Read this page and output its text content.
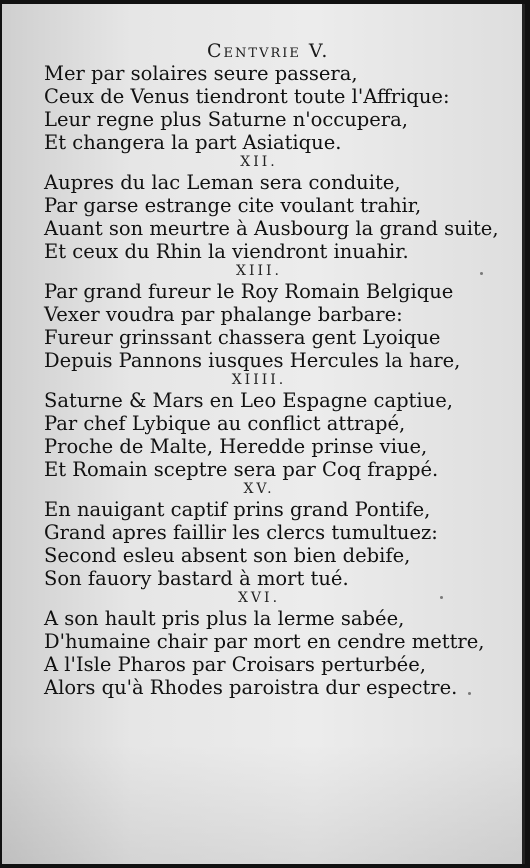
Centvrie V.
Mer par solaires seure passera,
Ceux de Venus tiendront toute l'Affrique:
Leur regne plus Saturne n'occupera,
Et changera la part Asiatique.
XII.
Aupres du lac Leman sera conduite,
Par garse estrange cite voulant trahir,
Auant son meurtre à Ausbourg la grand suite,
Et ceux du Rhin la viendront inuahir.
XIII.
Par grand fureur le Roy Romain Belgique
Vexer voudra par phalange barbare:
Fureur grinssant chassera gent Lyoique
Depuis Pannons iusques Hercules la hare,
XIIII.
Saturne & Mars en Leo Espagne captiue,
Par chef Lybique au conflict attrapé,
Proche de Malte, Heredde prinse viue,
Et Romain sceptre sera par Coq frappé.
XV.
En nauigant captif prins grand Pontife,
Grand apres faillir les clercs tumultuez:
Second esleu absent son bien debife,
Son fauory bastard à mort tué.
XVI.
A son hault pris plus la lerme sabée,
D'humaine chair par mort en cendre mettre,
A l'Isle Pharos par Croisars perturbée,
Alors qu'à Rhodes paroistra dur espectre.
